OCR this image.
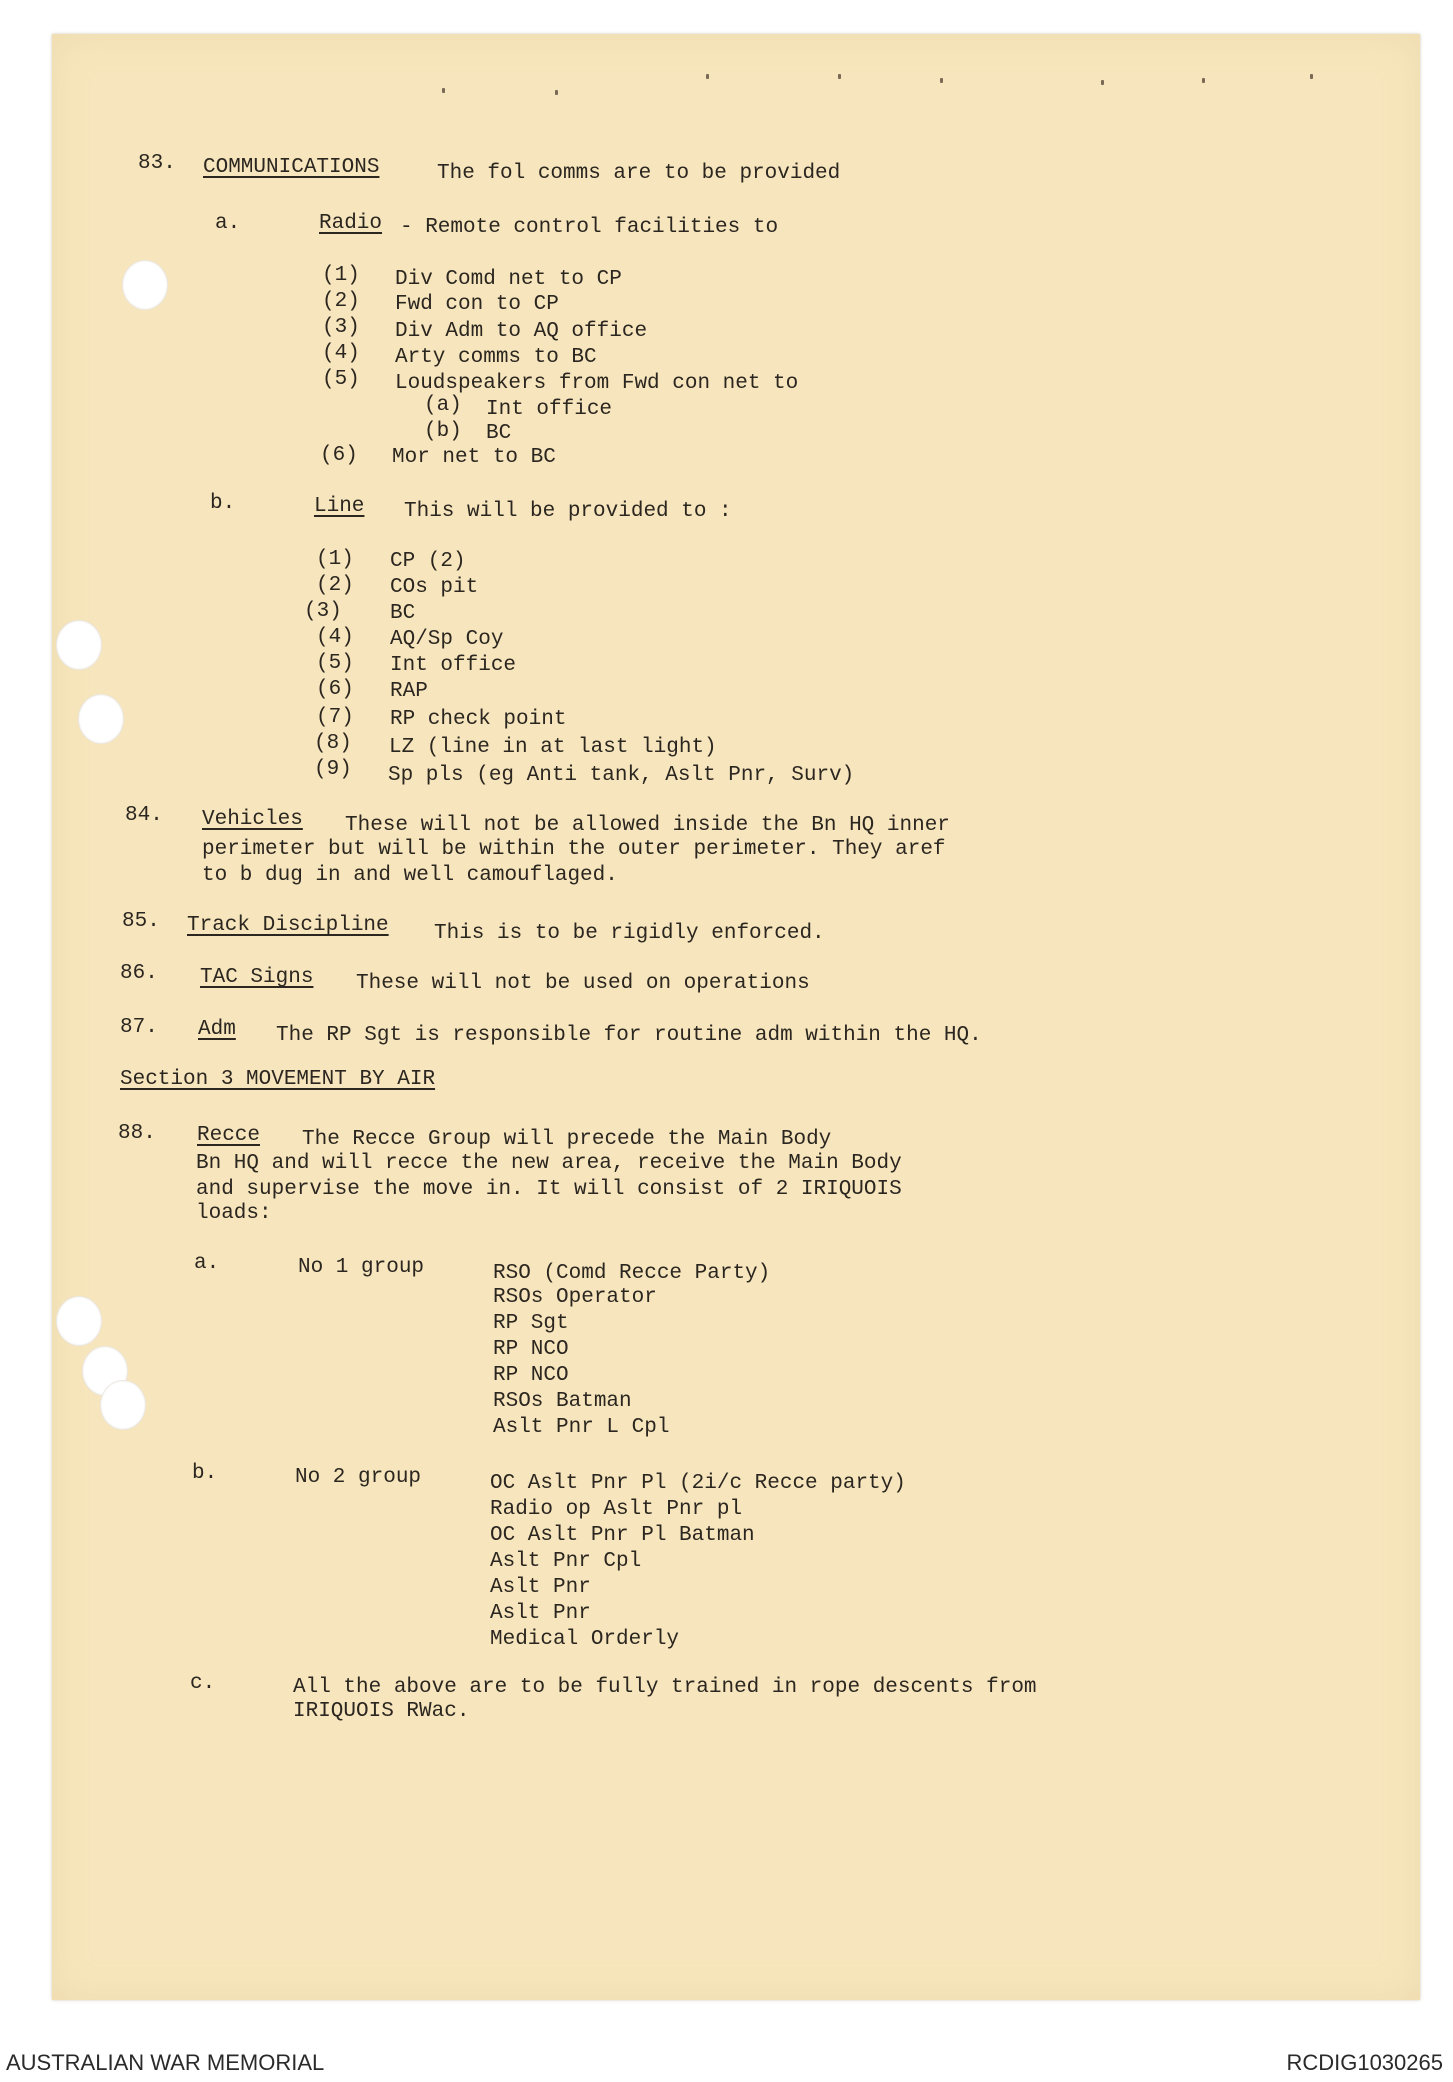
83. COMMUNICATIONS	The fol comms are to be provided
a.	Radio - Remote control facilities to
(1) Div Comd net to CP
(2) Fwd con to CP
(3) Div Adm to AQ office
(4) Arty comms to BC
(5) Loudspeakers from Fwd con net to
(a) Int office
(b) BC
(6) Mor net to BC
b.	Line This will be provided to :
(1) CP (2)
(2) COs pit
(3) BC
(4) AQ/Sp Coy
(5) Int office
(6) RAP
(7) RP check point
(8) LZ (line in at last light)
(9) Sp pls (eg Anti tank, Aslt Pnr, Surv)
84. Vehicles These will not be allowed inside the Bn HQ inner
perimeter but will be within the outer perimeter. They aref
to b dug in and well camouflaged.
85. Track Discipline This is to be rigidly enforced.
86. TAC Signs These will not be used on operations
87. Adm The RP Sgt is responsible for routine adm within the HQ.
Section 3 MOVEMENT BY AIR
88. Recce The Recce Group will precede the Main Body
Bn HQ and will recce the new area, receive the Main Body
and supervise the move in. It will consist of 2 IRIQUOIS
loads:
a.	No 1 group	RSO (Comd Recce Party)
RSOs Operator
RP Sgt
RP NCO
RP NCO
RSOs Batman
Aslt Pnr L Cpl
b.	No 2 group	OC Aslt Pnr Pl (2i/c Recce party)
Radio op Aslt Pnr pl
OC Aslt Pnr Pl Batman
Aslt Pnr Cpl
Aslt Pnr
Aslt Pnr
Medical Orderly
c.	All the above are to be fully trained in rope descents from
IRIQUOIS RWac.
AUSTRALIAN WAR MEMORIAL	RCDIG1030265
